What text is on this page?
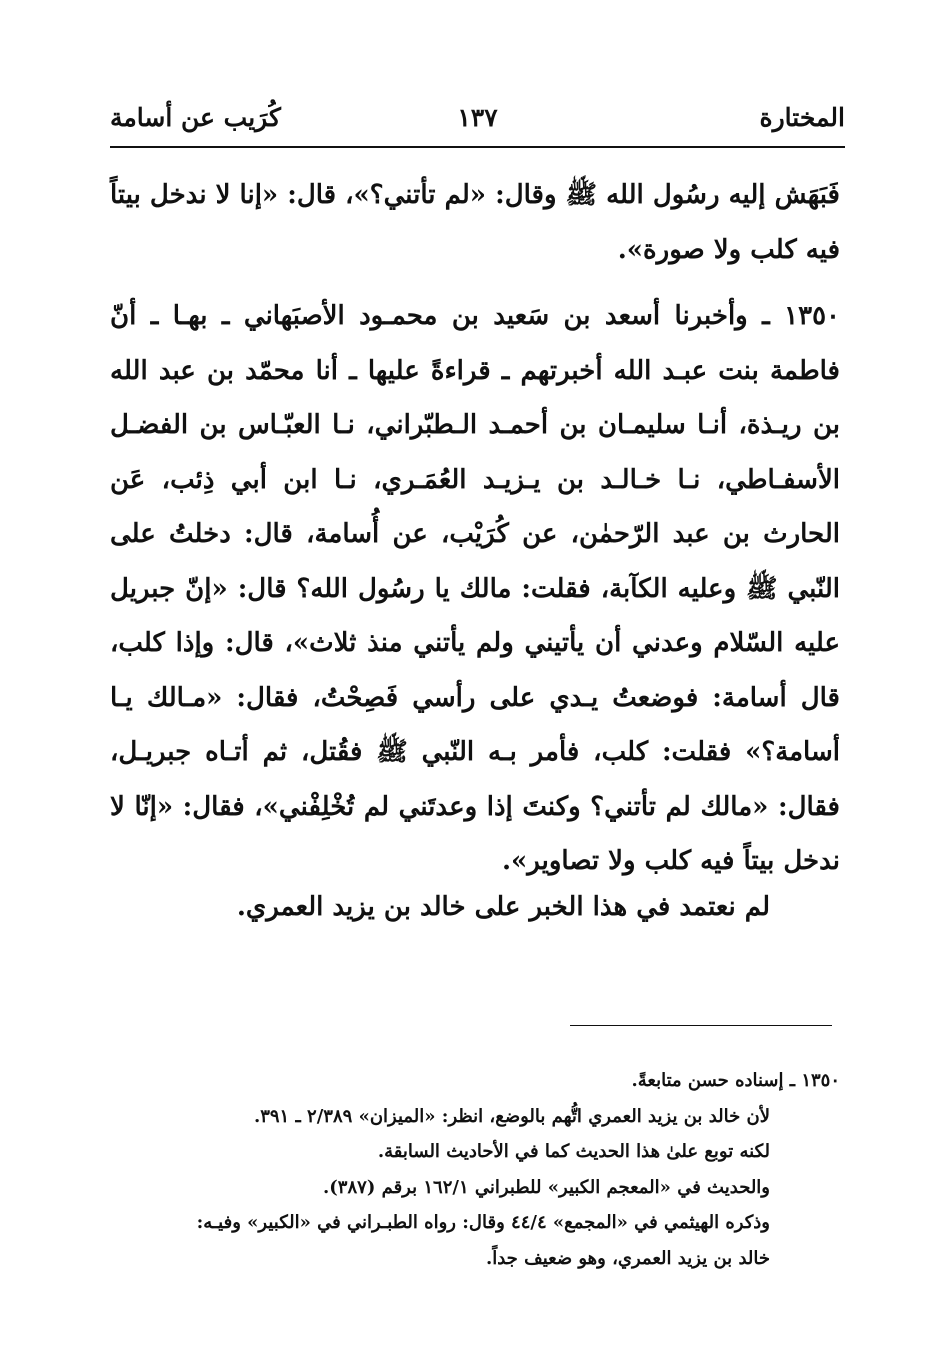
المختارة
١٣٧
كُرَيب عن أسامة

فَبَهَش إليه رسُول الله ﷺ وقال: «لم تأتني؟»، قال: «إنا لا ندخل بيتاً فيه كلب ولا صورة».

١٣٥٠ ـ وأخبرنا أسعد بن سَعيد بن محمـود الأصبَهاني ـ بهـا ـ أنّ فاطمة بنت عبـد الله أخبرتهم ـ قراءةً عليها ـ أنا محمّد بن عبد الله بن ريـذة، أنـا سليمـان بن أحمـد الـطبّراني، نـا العبّـاس بن الفضـل الأسفـاطي، نـا خـالـد بن يـزيـد العُمَـري، نـا ابن أبي ذِئب، عَن الحارث بن عبد الرّحمٰن، عن كُرَيْب، عن أُسامة، قال: دخلتُ على النّبي ﷺ وعليه الكآبة، فقلت: مالك يا رسُول الله؟ قال: «إنّ جبريل عليه السّلام وعدني أن يأتيني ولم يأتني منذ ثلاث»، قال: وإذا كلب، قال أسامة: فوضعتُ يـدي على رأسي فَصِحْتُ، فقال: «مـالك يـا أسامة؟» فقلت: كلب، فأمر بـه النّبي ﷺ فقُتل، ثم أتـاه جبريـل، فقال: «مالك لم تأتني؟ وكنتَ إذا وعدتَني لم تُخْلِفْني»، فقال: «إنّا لا ندخل بيتاً فيه كلب ولا تصاوير».

لم نعتمد في هذا الخبر على خالد بن يزيد العمري.
١٣٥٠ ـ إسناده حسن متابعةً.
لأن خالد بن يزيد العمري اتُّهم بالوضع، انظر: «الميزان» ٢/٣٨٩ ـ ٣٩١.
لكنه توبع علىٰ هذا الحديث كما في الأحاديث السابقة.
والحديث في «المعجم الكبير» للطبراني ١٦٢/١ برقم (٣٨٧).
وذكره الهيثمي في «المجمع» ٤٤/٤ وقال: رواه الطبـراني في «الكبير» وفيـه:
خالد بن يزيد العمري، وهو ضعيف جداً.
